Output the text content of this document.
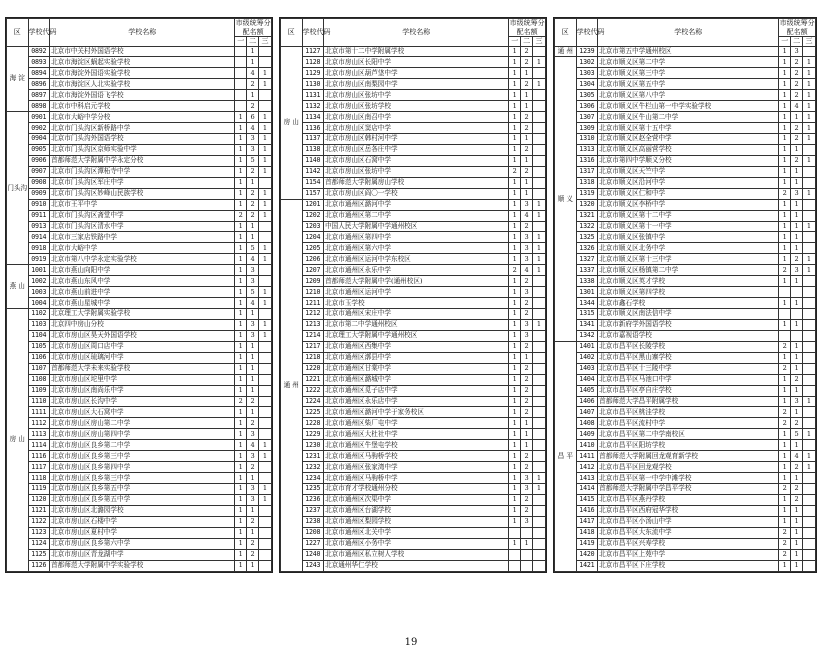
区	学校代码	学校名称	市级统筹分配名额		
			一	二	三
海 淀	0892	北京市中关村外国语学校		1	
	0893	北京市海淀区蜗起实验学校		1	
	0894	北京市海淀外国语实验学校		4	1
	0896	北京市海淀区人北实验学校		2	1
	0897	北京市海淀外国语飞学校		1	
	0898	北京市中科启元学校		2	
门头沟	0901	北京市大峪中学分校	1	6	1
	0902	北京市门头沟区新桥路中学	1	4	1
	0904	北京市门头沟外国语学校	1	3	1
	0905	北京市门头沟区京师实验中学	1	3	1
	0906	首都师范大学附属中学永定分校	1	5	1
	0907	北京市门头沟区潭柘寺中学	1	2	1
	0908	北京市门头沟区军庄中学	1	1	
	0909	北京市门头沟区妙峰山民族学校	1	2	1
	0910	北京市王平中学	1	2	1
	0911	北京市门头沟区斋堂中学	2	2	1
	0913	北京市门头沟区清水中学	1	1	
	0914	北京市三家店铁路中学	1	1	
	0918	北京市大峪中学	1	5	1
	0919	北京市第八中学永定实验学校	1	4	1
燕 山	1001	北京市燕山向阳中学	1	3	
	1002	北京市燕山东风中学	1	3	
	1003	北京市燕山前进中学	1	5	1
	1004	北京市燕山星城中学	1	4	1
房 山	1102	北京理工大学附属实验学校	1	1	
	1103	北京四中房山分校	1	3	1
	1104	北京市房山区昊天外国语学校	1	3	1
	1105	北京市房山区周口店中学	1	1	
	1106	北京市房山区琉璃河中学	1	1	
	1107	首都师范大学未来实验学校	1	1	
	1108	北京市房山区坨里中学	1	1	
	1109	北京市房山区南尚乐中学	1	1	
	1110	北京市房山区长沟中学	2	2	
	1111	北京市房山区大石窝中学	1	1	
	1112	北京市房山区房山第二中学	1	2	
	1113	北京市房山区房山第四中学	1	3	
	1114	北京市房山区良乡第二中学	1	4	1
	1116	北京市房山区良乡第三中学	1	3	1
	1117	北京市房山区良乡第四中学	1	2	
	1118	北京市房山区良乡第三中学	1	1	
	1119	北京市房山区良乡第五中学	1	3	1
	1120	北京市房山区良乡第五中学	1	3	1
	1121	北京市房山区北潞园学校	1	1	
	1122	北京市房山区石楼中学	1	2	
	1123	北京市房山区夏村中学	1	1	
	1124	北京市房山区良乡第六中学	1	2	
	1125	北京市房山区青龙湖中学	1	2	
	1126	首都师范大学附属中学实验学校	1	1	
区	学校代码	学校名称	市级统筹分配名额		
			一	二	三
房 山	1127	北京市第十二中学附属学校	1	2	
	1128	北京市房山区长阳中学	1	2	1
	1129	北京市房山区葫芦垡中学	1	1	
	1130	北京市房山区南梨园中学	1	2	1
	1131	北京市房山区张坊中学	1	1	
	1132	北京市房山区张坊学校	1	1	
	1134	北京市房山区南召中学	1	2	
	1136	北京市房山区窦店中学	1	2	
	1137	北京市房山区韩村河中学	1	1	
	1138	北京市房山区岳各庄中学	1	2	
	1140	北京市房山区石窝中学	1	1	
	1142	北京市房山区张坊中学	2	2	
	1154	首都师范大学附属房山学校	1	1	
	1157	北京市房山区阎〇一学校	1	1	
通 州	1201	北京市通州区潞河中学	1	3	1
	1202	北京市通州区第二中学	1	4	1
	1203	中国人民大学附属中学通州校区	1	2	
	1204	北京市通州区第四中学	1	3	1
	1205	北京市通州区第六中学	1	3	1
	1206	北京市通州区运河中学东校区	1	3	1
	1207	北京市通州区永乐中学	2	4	1
	1209	首都师范大学附属中学(通州校区)	1	2	
	1210	北京市通州区运河中学	1	3	
	1211	北京市玉学校	1	2	
	1212	北京市通州区宋庄中学	1	2	
	1213	北京市第二中学通州校区	1	3	1
	1214	北京理工大学附属中学通州校区	1	3	
	1217	北京市通州区西集中学	1	2	
	1218	北京市通州区漷县中学	1	1	
	1220	北京市通州区甘棠中学	1	2	
	1221	北京市通州区潞城中学	1	2	
	1222	北京市通州区觅子店中学	1	2	
	1224	北京市通州区永乐店中学	1	2	
	1225	北京市通州区潞河中学于家务校区	1	2	
	1228	北京市通州区柴厂屯中学	1	1	
	1229	北京市通州区大杜社中学	1	1	
	1230	北京市通州区牛堡屯学校	1	1	
	1231	北京市通州区马驹桥学校	1	2	
	1232	北京市通州区张家湾中学	1	2	
	1234	北京市通州区马驹桥中学	1	3	1
	1235	北京市育才学校通州分校	1	3	1
	1236	北京市通州区次渠中学	1	2	
	1237	北京市通州区台湖学校	1	2	
	1238	北京市通州区梨园学校	1	3	
	1208	北京市通州区北关中学			
	1227	北京市通州区小务中学	1	1	
	1240	北京市通州区私立树人学校			
	1243	北京通州华仁学校			
区	学校代码	学校名称	市级统筹分配名额		
			一	二	三
通 州	1239	北京市第五中学通州校区	1	3	
顺 义	1302	北京市顺义区第二中学	1	2	1
	1303	北京市顺义区第三中学	1	2	1
	1304	北京市顺义区第五中学	1	2	1
	1305	北京市顺义区第八中学	1	2	1
	1306	北京市顺义区牛栏山第一中学实验学校	1	4	1
	1307	北京市顺义区牛山第二中学	1	1	1
	1309	北京市顺义区第十五中学	1	2	1
	1310	北京市顺义区赵全营中学	1	2	1
	1313	北京市顺义区高丽营学校	1	1	
	1316	北京市第四中学顺义分校	1	2	1
	1317	北京市顺义区天竺中学	1	1	
	1318	北京市顺义区沿河中学	1	1	
	1319	北京市顺义区仁和中学	2	3	1
	1320	北京市顺义区李桥中学	1	1	
	1321	北京市顺义区第十二中学	1	1	
	1322	北京市顺义区第十一中学	1	1	1
	1325	北京市顺义区张镇中学	1	1	
	1326	北京市顺义区北务中学	1	1	
	1327	北京市顺义区第十三中学	1	2	1
	1337	北京市顺义区杨镇第二中学	2	3	1
	1338	北京市顺义区英才学校	1	1	
	1301	北京市顺义区第四学校			
	1344	北京市鑫石学校	1	1	
	1315	北京市顺义区南法信中学			
	1341	北京市新府学外国语学校	1	1	
	1342	北京市嘉视语学校			
昌 平	1401	北京市昌平区长陵学校	2	1	
	1402	北京市昌平区黑山寨学校	1	1	
	1403	北京市昌平区十三陵中学	2	1	
	1404	北京市昌平区马池口中学	1	2	
	1405	北京市昌平区亭自庄学校	1	1	
	1406	首都师范大学昌平附属学校	1	3	1
	1407	北京市昌平区桃洼学校	2	1	
	1408	北京市昌平区流村中学	2	2	
	1409	北京市昌平区第二中学南校区	1	5	1
	1410	北京市昌平区阳坊学校	1	1	
	1411	首都师范大学附属回龙观育新学校	1	4	1
	1412	北京市昌平区回龙观学校	1	2	1
	1413	北京市昌平区第一中学中滩学校	1	1	
	1414	首都师范大学附属中学昌平学校	2	2	
	1415	北京市昌平区燕丹学校	1	2	
	1416	北京市昌平区西府冠华学校	1	1	
	1417	北京市昌平区小汤山中学	1	1	
	1418	北京市昌平区大东流中学	2	1	
	1419	北京市昌平区兴寿学校	2	1	
	1420	北京市昌平区上苑中学	2	1	
	1421	北京市昌平区下庄学校	1	1	
19
